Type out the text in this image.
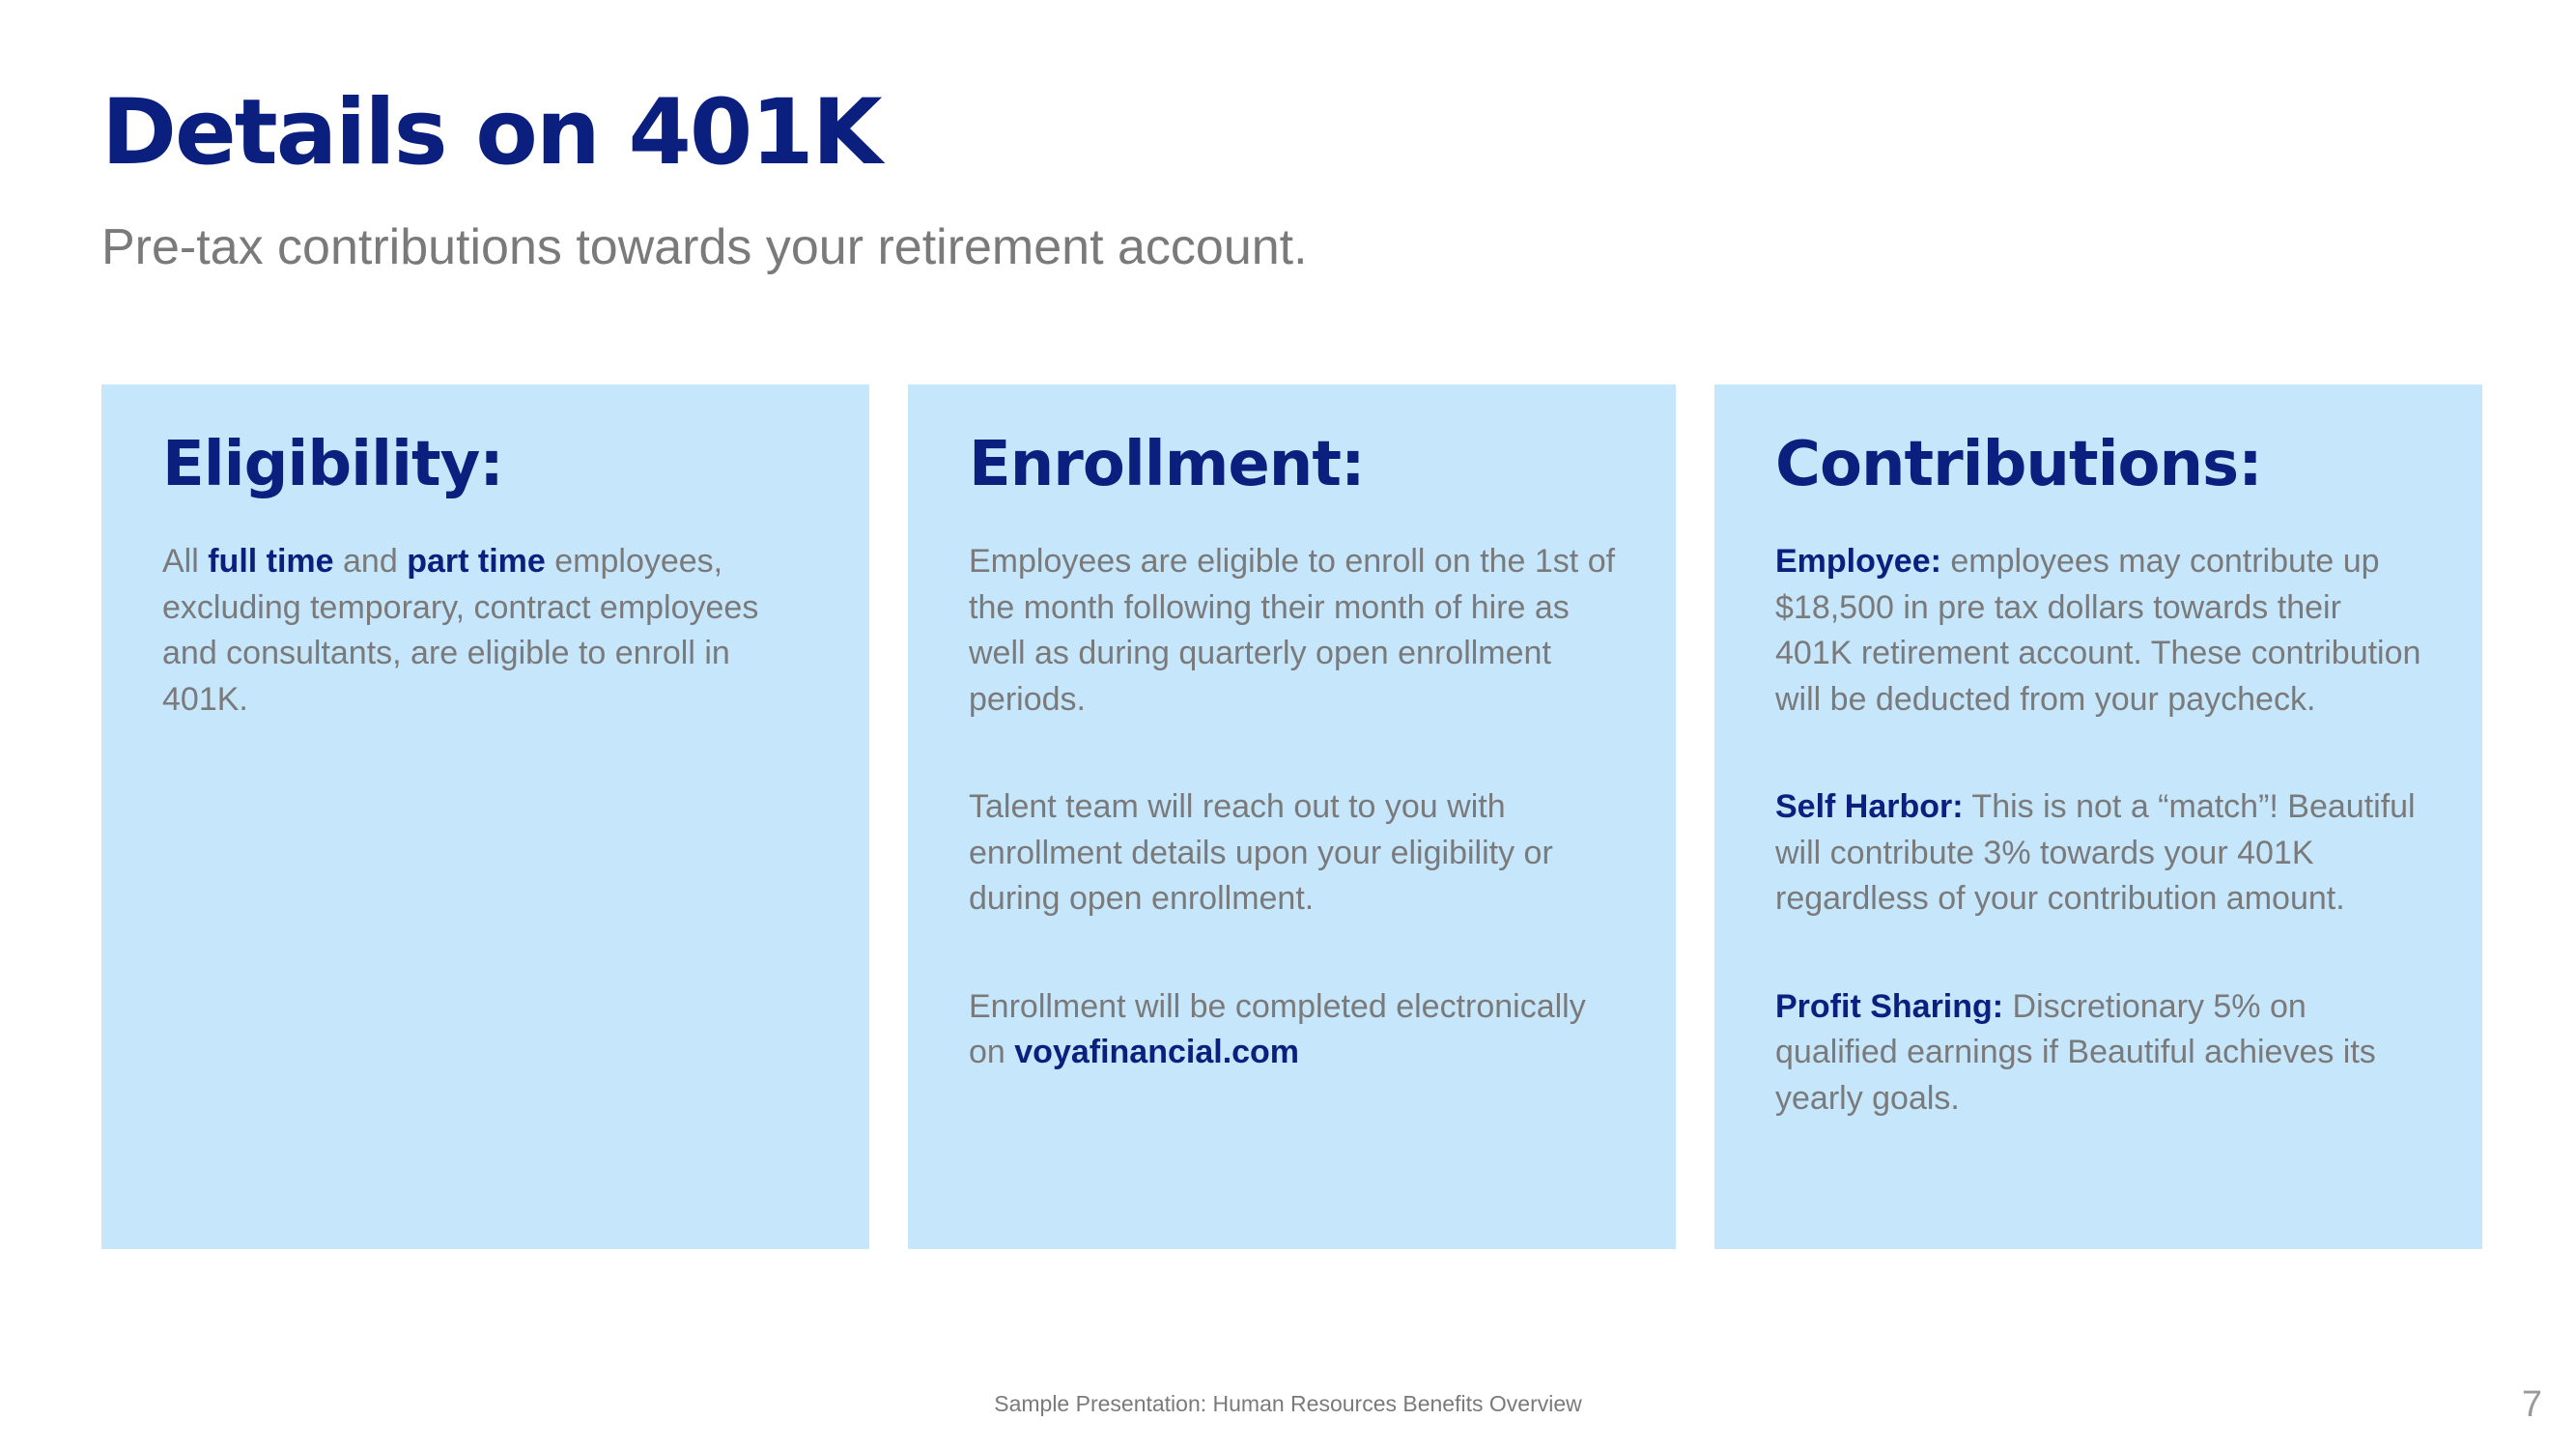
Details on 401K

Pre-tax contributions towards your retirement account.

Eligibility:

All full time and part time employees, excluding temporary, contract employees and consultants, are eligible to enroll in 401K.

Enrollment:

Employees are eligible to enroll on the 1st of the month following their month of hire as well as during quarterly open enrollment periods.

Talent team will reach out to you with enrollment details upon your eligibility or during open enrollment.

Enrollment will be completed electronically on voyafinancial.com

Contributions:

Employee: employees may contribute up $18,500 in pre tax dollars towards their 401K retirement account. These contribution will be deducted from your paycheck.

Self Harbor: This is not a “match”! Beautiful will contribute 3% towards your 401K regardless of your contribution amount.

Profit Sharing: Discretionary 5% on qualified earnings if Beautiful achieves its yearly goals.

Sample Presentation: Human Resources Benefits Overview	7
